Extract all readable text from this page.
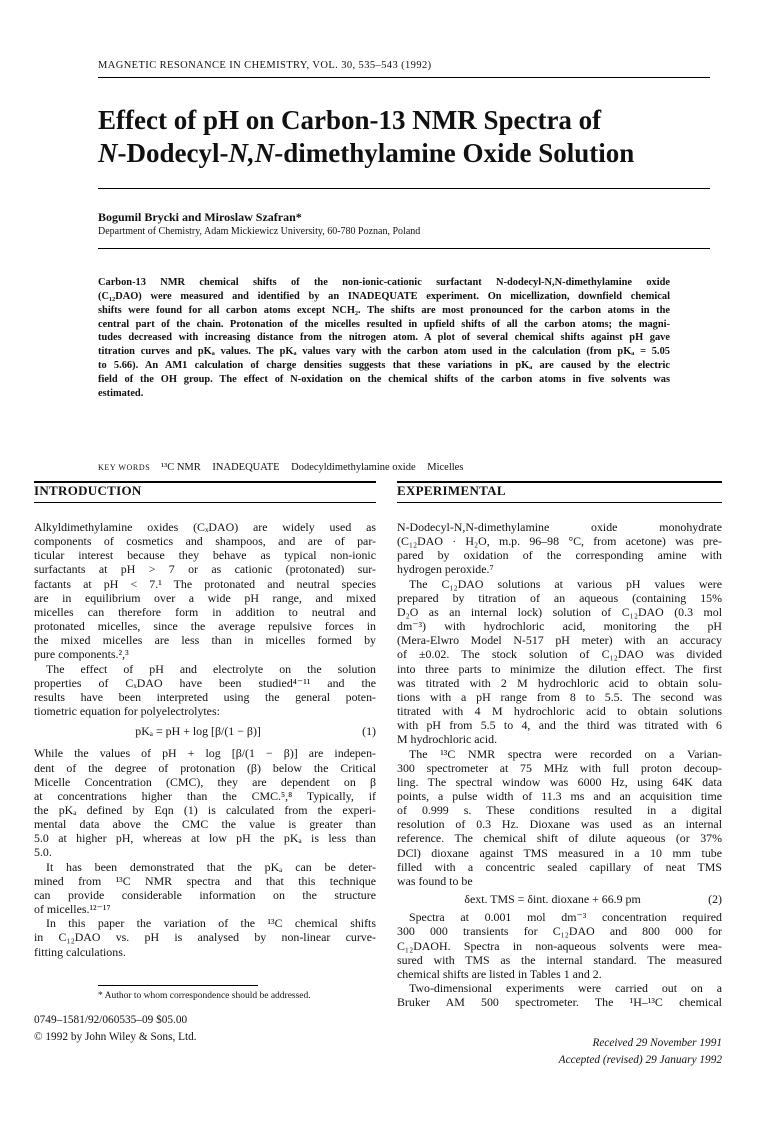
MAGNETIC RESONANCE IN CHEMISTRY, VOL. 30, 535–543 (1992)
Effect of pH on Carbon-13 NMR Spectra of
N-Dodecyl-N,N-dimethylamine Oxide Solution
Bogumil Brycki and Miroslaw Szafran*
Department of Chemistry, Adam Mickiewicz University, 60-780 Poznan, Poland
Carbon-13 NMR chemical shifts of the non-ionic-cationic surfactant N-dodecyl-N,N-dimethylamine oxide
(C₁₂DAO) were measured and identified by an INADEQUATE experiment. On micellization, downfield chemical
shifts were found for all carbon atoms except NCH₂. The shifts are most pronounced for the carbon atoms in the
central part of the chain. Protonation of the micelles resulted in upfield shifts of all the carbon atoms; the magni-
tudes decreased with increasing distance from the nitrogen atom. A plot of several chemical shifts against pH gave
titration curves and pKₐ values. The pKₐ values vary with the carbon atom used in the calculation (from pKₐ = 5.05
to 5.66). An AM1 calculation of charge densities suggests that these variations in pKₐ are caused by the electric
field of the OH group. The effect of N-oxidation on the chemical shifts of the carbon atoms in five solvents was
estimated.
KEY WORDS ¹³C NMR INADEQUATE Dodecyldimethylamine oxide Micelles
INTRODUCTION	EXPERIMENTAL
Alkyldimethylamine oxides (CₓDAO) are widely used as
components of cosmetics and shampoos, and are of par-
ticular interest because they behave as typical non-ionic
surfactants at pH > 7 or as cationic (protonated) sur-
factants at pH < 7.¹ The protonated and neutral species
are in equilibrium over a wide pH range, and mixed
micelles can therefore form in addition to neutral and
protonated micelles, since the average repulsive forces in
the mixed micelles are less than in micelles formed by
pure components.²,³
The effect of pH and electrolyte on the solution
properties of CₓDAO have been studied⁴⁻¹¹ and the
results have been interpreted using the general poten-
tiometric equation for polyelectrolytes:
pKₐ = pH + log [β/(1 − β)]	(1)
While the values of pH + log [β/(1 − β)] are indepen-
dent of the degree of protonation (β) below the Critical
Micelle Concentration (CMC), they are dependent on β
at concentrations higher than the CMC.⁵,⁸ Typically, if
the pKₐ defined by Eqn (1) is calculated from the experi-
mental data above the CMC the value is greater than
5.0 at higher pH, whereas at low pH the pKₐ is less than
5.0.
It has been demonstrated that the pKₐ can be deter-
mined from ¹³C NMR spectra and that this technique
can provide considerable information on the structure
of micelles.¹²⁻¹⁷
In this paper the variation of the ¹³C chemical shifts
in C₁₂DAO vs. pH is analysed by non-linear curve-
fitting calculations.
N-Dodecyl-N,N-dimethylamine oxide monohydrate
(C₁₂DAO · H₂O, m.p. 96–98 °C, from acetone) was pre-
pared by oxidation of the corresponding amine with
hydrogen peroxide.⁷
The C₁₂DAO solutions at various pH values were
prepared by titration of an aqueous (containing 15%
D₂O as an internal lock) solution of C₁₂DAO (0.3 mol
dm⁻³) with hydrochloric acid, monitoring the pH
(Mera-Elwro Model N-517 pH meter) with an accuracy
of ±0.02. The stock solution of C₁₂DAO was divided
into three parts to minimize the dilution effect. The first
was titrated with 2 M hydrochloric acid to obtain solu-
tions with a pH range from 8 to 5.5. The second was
titrated with 4 M hydrochloric acid to obtain solutions
with pH from 5.5 to 4, and the third was titrated with 6
M hydrochloric acid.
The ¹³C NMR spectra were recorded on a Varian-
300 spectrometer at 75 MHz with full proton decoup-
ling. The spectral window was 6000 Hz, using 64K data
points, a pulse width of 11.3 ms and an acquisition time
of 0.999 s. These conditions resulted in a digital
resolution of 0.3 Hz. Dioxane was used as an internal
reference. The chemical shift of dilute aqueous (or 37%
DCl) dioxane against TMS measured in a 10 mm tube
filled with a concentric sealed capillary of neat TMS
was found to be
δext. TMS = δint. dioxane + 66.9 pm	(2)
Spectra at 0.001 mol dm⁻³ concentration required
300 000 transients for C₁₂DAO and 800 000 for
C₁₂DAOH. Spectra in non-aqueous solvents were mea-
sured with TMS as the internal standard. The measured
chemical shifts are listed in Tables 1 and 2.
Two-dimensional experiments were carried out on a
Bruker AM 500 spectrometer. The ¹H–¹³C chemical
* Author to whom correspondence should be addressed.
0749–1581/92/060535–09 $05.00
© 1992 by John Wiley & Sons, Ltd.	Received 29 November 1991
Accepted (revised) 29 January 1992
